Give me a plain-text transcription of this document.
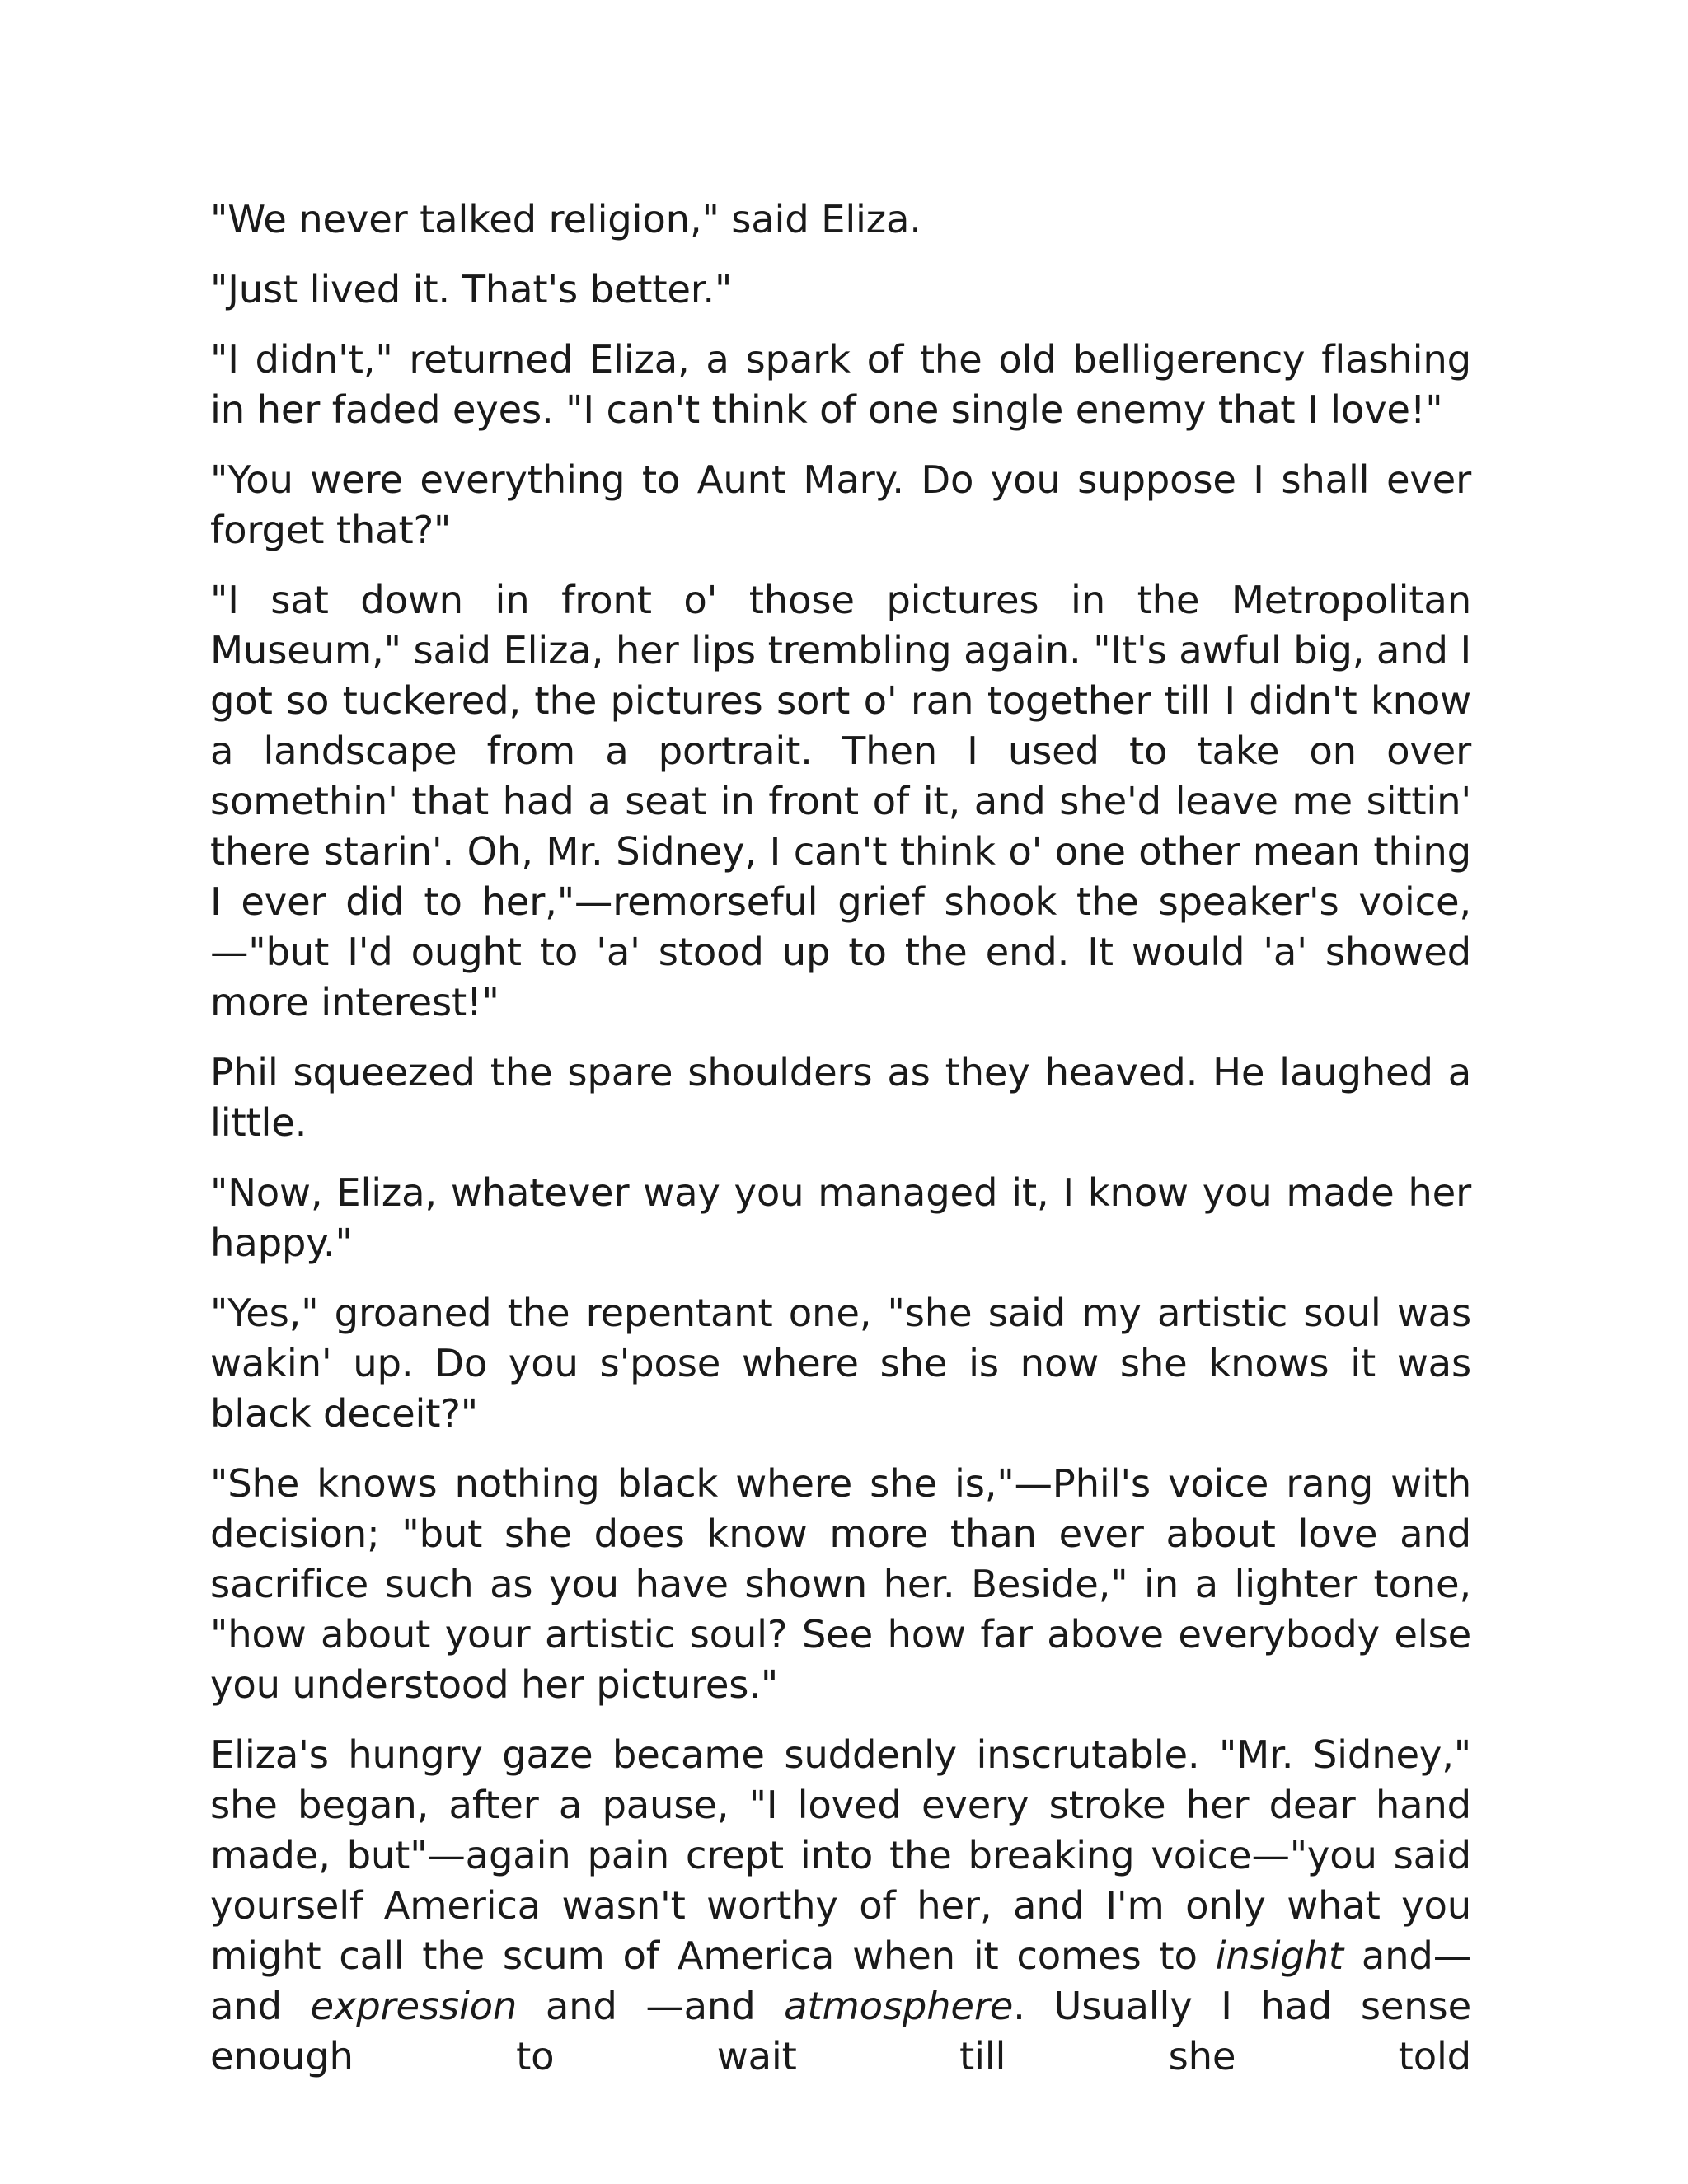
"We never talked religion," said Eliza.

"Just lived it. That's better."

"I didn't," returned Eliza, a spark of the old belligerency flashing in her faded eyes. "I can't think of one single enemy that I love!"

"You were everything to Aunt Mary. Do you suppose I shall ever forget that?"

"I sat down in front o' those pictures in the Metropolitan Museum," said Eliza, her lips trembling again. "It's awful big, and I got so tuckered, the pictures sort o' ran together till I didn't know a landscape from a portrait. Then I used to take on over somethin' that had a seat in front of it, and she'd leave me sittin' there starin'. Oh, Mr. Sidney, I can't think o' one other mean thing I ever did to her,"—remorseful grief shook the speaker's voice,—"but I'd ought to 'a' stood up to the end. It would 'a' showed more interest!"

Phil squeezed the spare shoulders as they heaved. He laughed a little.

"Now, Eliza, whatever way you managed it, I know you made her happy."

"Yes," groaned the repentant one, "she said my artistic soul was wakin' up. Do you s'pose where she is now she knows it was black deceit?"

"She knows nothing black where she is,"—Phil's voice rang with decision; "but she does know more than ever about love and sacrifice such as you have shown her. Beside," in a lighter tone, "how about your artistic soul? See how far above everybody else you understood her pictures."

Eliza's hungry gaze became suddenly inscrutable. "Mr. Sidney," she began, after a pause, "I loved every stroke her dear hand made, but"—again pain crept into the breaking voice—"you said yourself America wasn't worthy of her, and I'm only what you might call the scum of America when it comes to insight and—and expression and —and atmosphere. Usually I had sense enough to wait till she told
